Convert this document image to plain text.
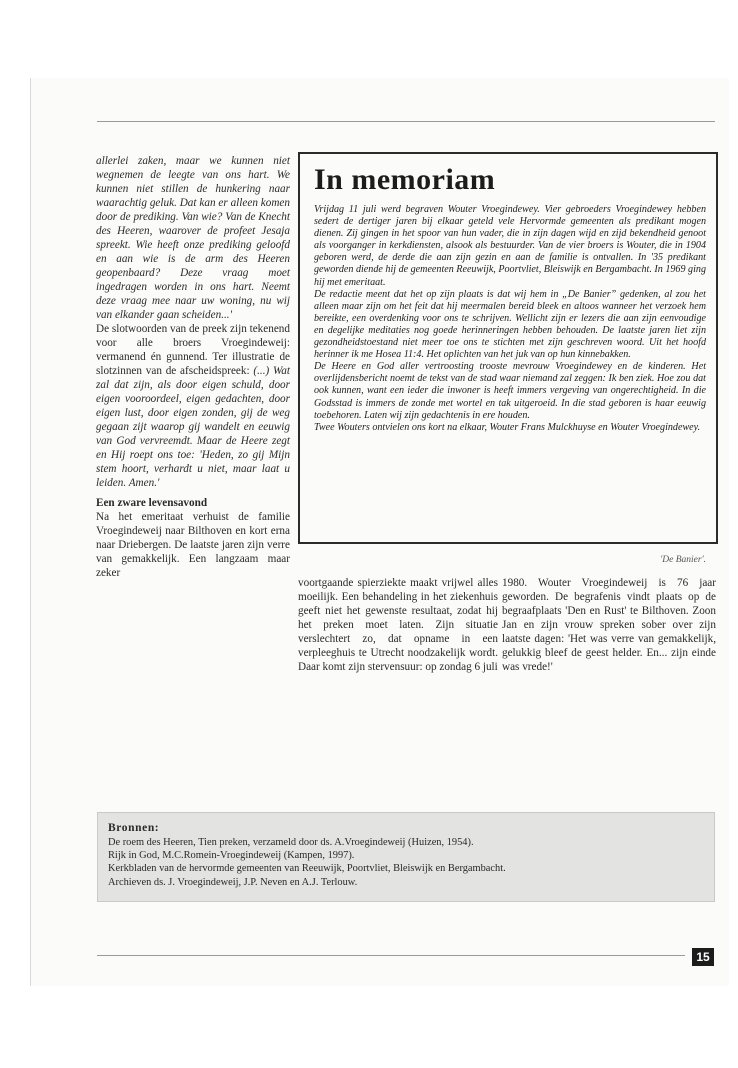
allerlei zaken, maar we kunnen niet wegnemen de leegte van ons hart. We kunnen niet stillen de hunkering naar waarachtig geluk. Dat kan er alleen komen door de prediking. Van wie? Van de Knecht des Heeren, waarover de profeet Jesaja spreekt. Wie heeft onze prediking geloofd en aan wie is de arm des Heeren geopenbaard? Deze vraag moet ingedragen worden in ons hart. Neemt deze vraag mee naar uw woning, nu wij van elkander gaan scheiden...'

De slotwoorden van de preek zijn tekenend voor alle broers Vroegindeweij: vermanend én gunnend. Ter illustratie de slotzinnen van de afscheidspreek: (...) Wat zal dat zijn, als door eigen schuld, door eigen vooroordeel, eigen gedachten, door eigen lust, door eigen zonden, gij de weg gegaan zijt waarop gij wandelt en eeuwig van God vervreemdt. Maar de Heere zegt en Hij roept ons toe: 'Heden, zo gij Mijn stem hoort, verhardt u niet, maar laat u leiden. Amen.'

Een zware levensavond

Na het emeritaat verhuist de familie Vroegindeweij naar Bilthoven en kort erna naar Driebergen. De laatste jaren zijn verre van gemakkelijk. Een langzaam maar zeker

In memoriam

Vrijdag 11 juli werd begraven Wouter Vroegindewey. Vier gebroeders Vroegindewey hebben sedert de dertiger jaren bij elkaar geteld vele Hervormde gemeenten als predikant mogen dienen. Zij gingen in het spoor van hun vader, die in zijn dagen wijd en zijd bekendheid genoot als voorganger in kerkdiensten, alsook als bestuurder. Van de vier broers is Wouter, die in 1904 geboren werd, de derde die aan zijn gezin en aan de familie is ontvallen. In '35 predikant geworden diende hij de gemeenten Reeuwijk, Poortvliet, Bleiswijk en Bergambacht. In 1969 ging hij met emeritaat.

De redactie meent dat het op zijn plaats is dat wij hem in „De Banier” gedenken, al zou het alleen maar zijn om het feit dat hij meermalen bereid bleek en altoos wanneer het verzoek hem bereikte, een overdenking voor ons te schrijven. Wellicht zijn er lezers die aan zijn eenvoudige en degelijke meditaties nog goede herinneringen hebben behouden. De laatste jaren liet zijn gezondheidstoestand niet meer toe ons te stichten met zijn geschreven woord. Uit het hoofd herinner ik me Hosea 11:4. Het oplichten van het juk van op hun kinnebakken.

De Heere en God aller vertroosting trooste mevrouw Vroegindewey en de kinderen. Het overlijdensbericht noemt de tekst van de stad waar niemand zal zeggen: Ik ben ziek. Hoe zou dat ook kunnen, want een ieder die inwoner is heeft immers vergeving van ongerechtigheid. In die Godsstad is immers de zonde met wortel en tak uitgeroeid. In die stad geboren is haar eeuwig toebehoren. Laten wij zijn gedachtenis in ere houden.

Twee Wouters ontvielen ons kort na elkaar, Wouter Frans Mulckhuyse en Wouter Vroegindewey.

'De Banier'.

voortgaande spierziekte maakt vrijwel alles moeilijk. Een behandeling in het ziekenhuis geeft niet het gewenste resultaat, zodat hij het preken moet laten. Zijn situatie verslechtert zo, dat opname in een verpleeghuis te Utrecht noodzakelijk wordt. Daar komt zijn stervensuur: op zondag 6 juli

1980. Wouter Vroegindeweij is 76 jaar geworden. De begrafenis vindt plaats op de begraafplaats 'Den en Rust' te Bilthoven. Zoon Jan en zijn vrouw spreken sober over zijn laatste dagen: 'Het was verre van gemakkelijk, gelukkig bleef de geest helder. En... zijn einde was vrede!'

Bronnen:
De roem des Heeren, Tien preken, verzameld door ds. A.Vroegindeweij (Huizen, 1954).
Rijk in God, M.C.Romein-Vroegindeweij (Kampen, 1997).
Kerkbladen van de hervormde gemeenten van Reeuwijk, Poortvliet, Bleiswijk en Bergambacht.
Archieven ds. J. Vroegindeweij, J.P. Neven en A.J. Terlouw.
15
